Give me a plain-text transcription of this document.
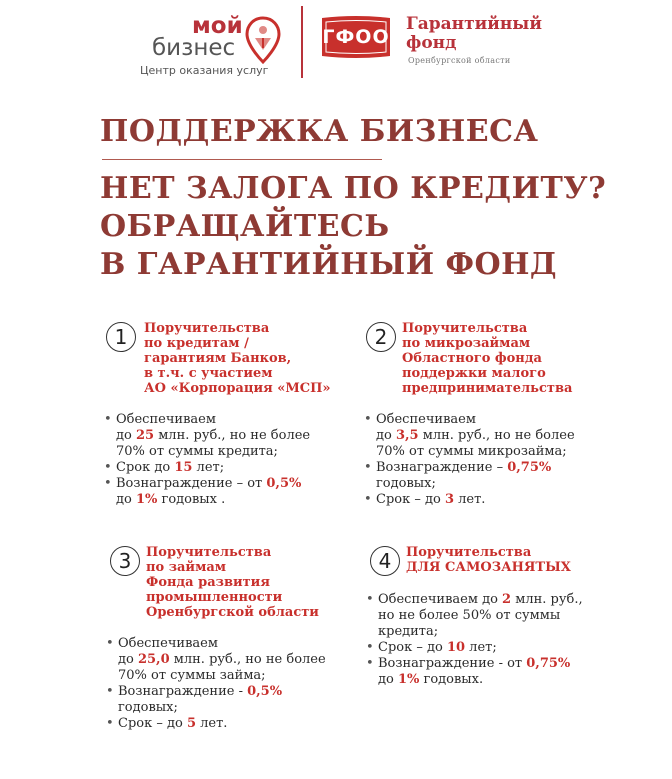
мой
бизнес
Центр оказания услуг
ГФОО
Гарантийный
фонд
Оренбургской области
ПОДДЕРЖКА БИЗНЕСА
НЕТ ЗАЛОГА ПО КРЕДИТУ?
ОБРАЩАЙТЕСЬ
В ГАРАНТИЙНЫЙ ФОНД
1	Поручительства
по кредитам /
гарантиям Банков,
в т.ч. с участием
АО «Корпорация «МСП»
• Обеспечиваем
до 25 млн. руб., но не более
70% от суммы кредита;
• Срок до 15 лет;
• Вознаграждение – от 0,5%
до 1% годовых .
2	Поручительства
по микрозаймам
Областного фонда
поддержки малого
предпринимательства
• Обеспечиваем
до 3,5 млн. руб., но не более
70% от суммы микрозайма;
• Вознаграждение – 0,75%
годовых;
• Срок – до 3 лет.
3	Поручительства
по займам
Фонда развития
промышленности
Оренбургской области
• Обеспечиваем
до 25,0 млн. руб., но не более
70% от суммы займа;
• Вознаграждение - 0,5%
годовых;
• Срок – до 5 лет.
4	Поручительства
ДЛЯ САМОЗАНЯТЫХ
• Обеспечиваем до 2 млн. руб.,
но не более 50% от суммы
кредита;
• Срок – до 10 лет;
• Вознаграждение - от 0,75%
до 1% годовых.
